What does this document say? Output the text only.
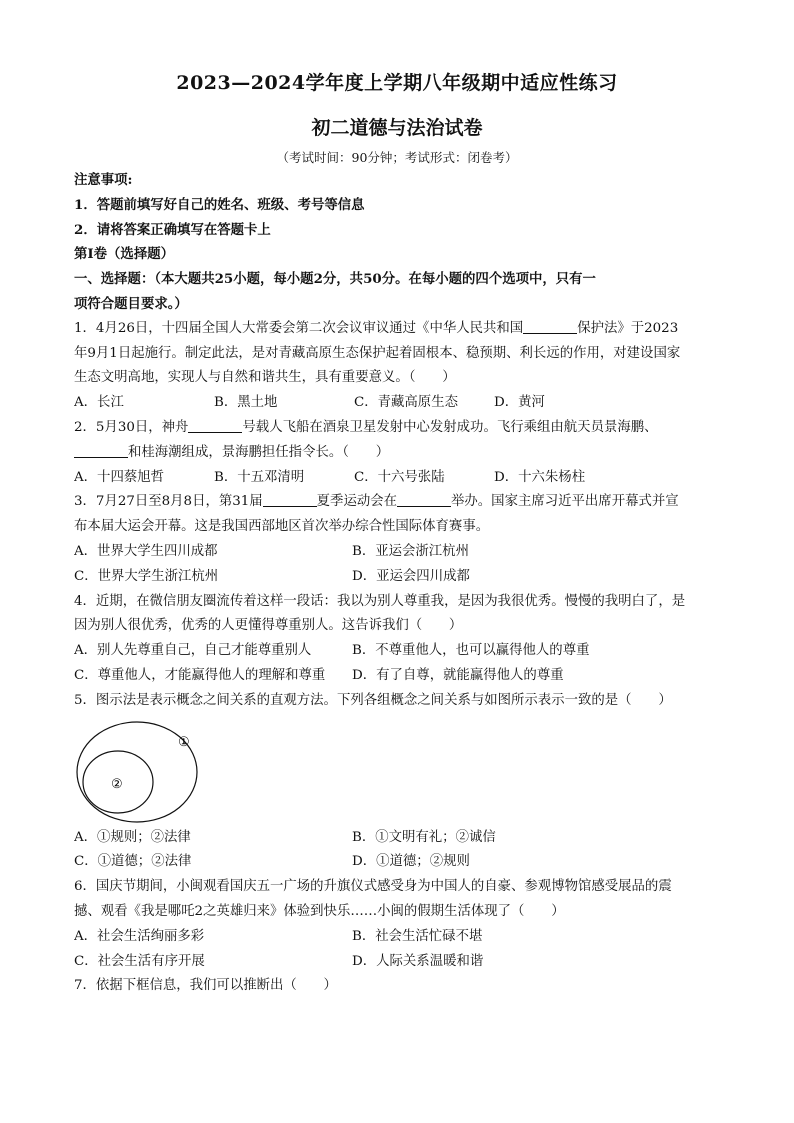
2023—2024学年度上学期八年级期中适应性练习
初二道德与法治试卷
（考试时间：90分钟；考试形式：闭卷考）
注意事项:
1．答题前填写好自己的姓名、班级、考号等信息
2．请将答案正确填写在答题卡上
第Ⅰ卷（选择题）
一、选择题：（本大题共25小题，每小题2分，共50分。在每小题的四个选项中，只有一
项符合题目要求。）
1．4月26日，十四届全国人大常委会第二次会议审议通过《中华人民共和国	保护法》于2023
年9月1日起施行。制定此法，是对青藏高原生态保护起着固根本、稳预期、利长远的作用，对建设国家
生态文明高地，实现人与自然和谐共生，具有重要意义。（　　）
A．长江	B．黑土地	C．青藏高原生态	D．黄河
2．5月30日，神舟	号载人飞船在酒泉卫星发射中心发射成功。飞行乘组由航天员景海鹏、
和桂海潮组成，景海鹏担任指令长。（　　）
A．十四蔡旭哲	B．十五邓清明	C．十六号张陆	D．十六朱杨柱
3．7月27日至8月8日，第31届	夏季运动会在	举办。国家主席习近平出席开幕式并宣
布本届大运会开幕。这是我国西部地区首次举办综合性国际体育赛事。
A．世界大学生四川成都	B．亚运会浙江杭州
C．世界大学生浙江杭州	D．亚运会四川成都
4．近期，在微信朋友圈流传着这样一段话：我以为别人尊重我，是因为我很优秀。慢慢的我明白了，是
因为别人很优秀，优秀的人更懂得尊重别人。这告诉我们（　　）
A．别人先尊重自己，自己才能尊重别人	B．不尊重他人，也可以赢得他人的尊重
C．尊重他人，才能赢得他人的理解和尊重	D．有了自尊，就能赢得他人的尊重
5．图示法是表示概念之间关系的直观方法。下列各组概念之间关系与如图所示表示一致的是（　　）
①
②
A．①规则；②法律	B．①文明有礼；②诚信
C．①道德；②法律	D．①道德；②规则
6．国庆节期间，小闽观看国庆五一广场的升旗仪式感受身为中国人的自豪、参观博物馆感受展品的震
撼、观看《我是哪吒2之英雄归来》体验到快乐……小闽的假期生活体现了（　　）
A．社会生活绚丽多彩	B．社会生活忙碌不堪
C．社会生活有序开展	D．人际关系温暖和谐
7．依据下框信息，我们可以推断出（　　）
